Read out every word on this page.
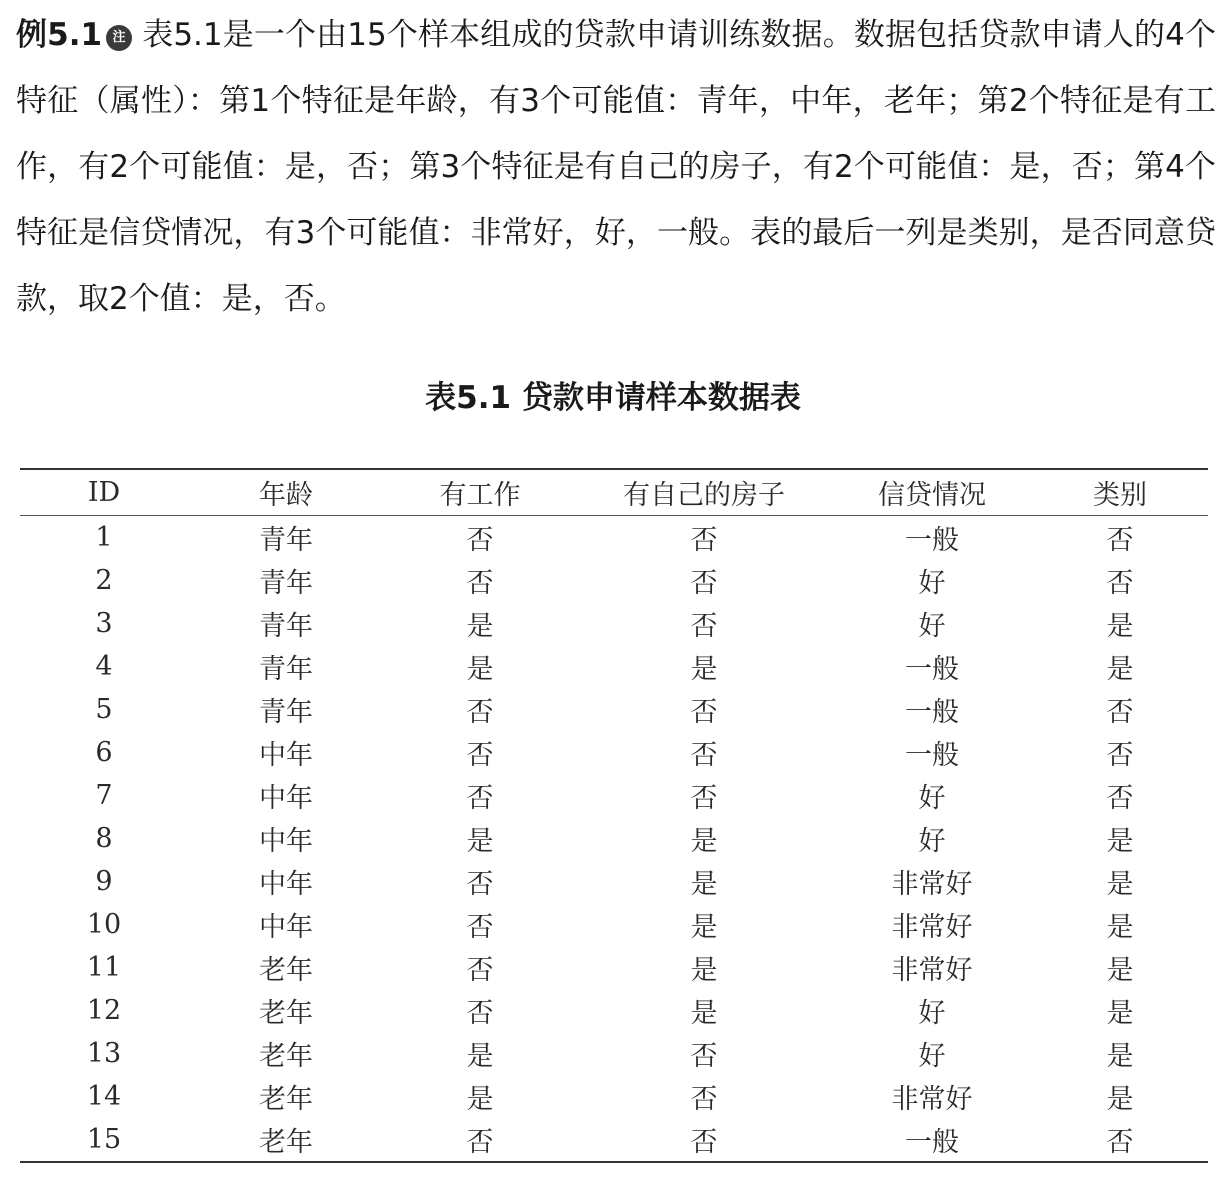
例5.1 注 表5.1是一个由15个样本组成的贷款申请训练数据。数据包括贷款申请人的4个特征（属性）：第1个特征是年龄，有3个可能值：青年，中年，老年；第2个特征是有工作，有2个可能值：是，否；第3个特征是有自己的房子，有2个可能值：是，否；第4个特征是信贷情况，有3个可能值：非常好，好，一般。表的最后一列是类别，是否同意贷款，取2个值：是，否。
表5.1 贷款申请样本数据表
ID	年龄	有工作	有自己的房子	信贷情况	类别
1	青年	否	否	一般	否
2	青年	否	否	好	否
3	青年	是	否	好	是
4	青年	是	是	一般	是
5	青年	否	否	一般	否
6	中年	否	否	一般	否
7	中年	否	否	好	否
8	中年	是	是	好	是
9	中年	否	是	非常好	是
10	中年	否	是	非常好	是
11	老年	否	是	非常好	是
12	老年	否	是	好	是
13	老年	是	否	好	是
14	老年	是	否	非常好	是
15	老年	否	否	一般	否
